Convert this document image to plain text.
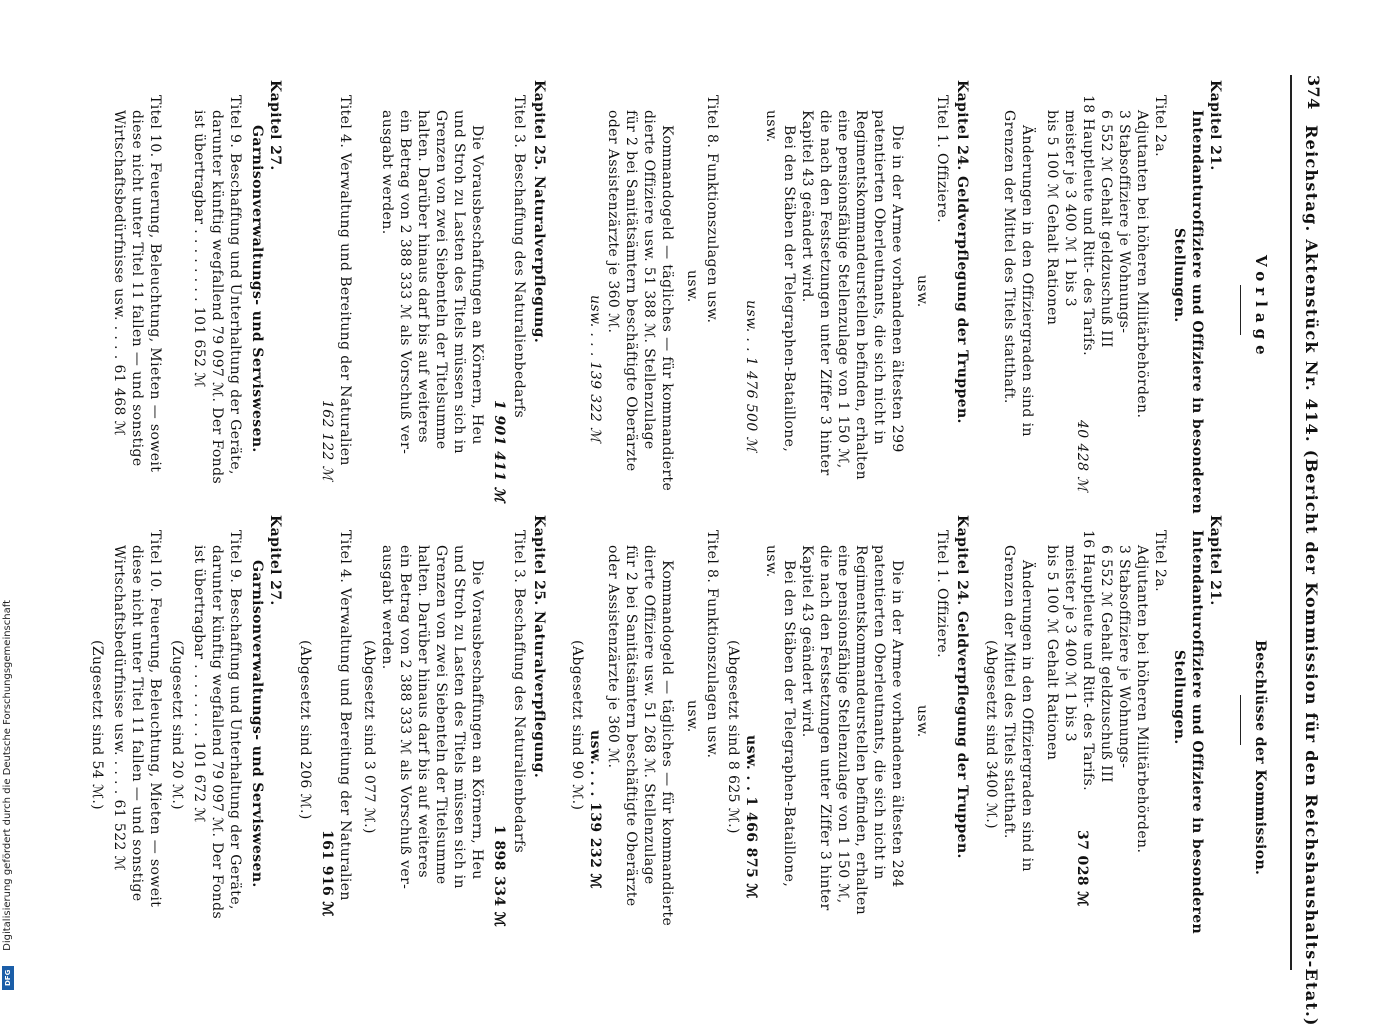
374
Reichstag. Aktenstück Nr. 414. (Bericht der Kommission für den Reichshaushalts-Etat.)
Vorlage
Beschlüsse der Kommission.
Kapitel 21.
Intendanturoffiziere und Offiziere in besonderen
Stellungen.
Titel 2a.
Adjutanten bei höheren Militärbehörden.
3 Stabsoffiziere je Wohnungs-
6 552 ℳ Gehalt geldzuschuß III
18 Hauptleute und Ritt- des Tarifs.
40 428 ℳ
meister je 3 400 ℳ 1 bis 3
bis 5 100 ℳ Gehalt Rationen
Änderungen in den Offiziergraden sind in
Grenzen der Mittel des Titels statthaft.
Kapitel 24. Geldverpflegung der Truppen.
Titel 1. Offiziere.
usw.
Die in der Armee vorhandenen ältesten 299
patentierten Oberleutnants, die sich nicht in
Regimentskommandeurstellen befinden, erhalten
eine pensionsfähige Stellenzulage von 1 150 ℳ,
die nach den Festsetzungen unter Ziffer 3 hinter
Kapitel 43 geändert wird.
Bei den Stäben der Telegraphen-Bataillone,
usw.
usw. . . 1 476 500 ℳ
Titel 8. Funktionszulagen usw.
usw.
Kommandogeld — tägliches — für kommandierte
dierte Offiziere usw. 51 388 ℳ. Stellenzulage
für 2 bei Sanitätsämtern beschäftigte Oberärzte
oder Assistenzärzte je 360 ℳ.
usw. . . . 139 322 ℳ
Kapitel 25. Naturalverpflegung.
Titel 3. Beschaffung des Naturalienbedarfs
1 901 411 ℳ
Die Vorausbeschaffungen an Körnern, Heu
und Stroh zu Lasten des Titels müssen sich in
Grenzen von zwei Siebenteln der Titelsumme
halten. Darüber hinaus darf bis auf weiteres
ein Betrag von 2 388 333 ℳ als Vorschuß ver-
ausgabt werden.
Titel 4. Verwaltung und Bereitung der Naturalien
162 122 ℳ
Kapitel 27.
Garnisonverwaltungs- und Serviswesen.
Titel 9. Beschaffung und Unterhaltung der Geräte,
darunter künftig wegfallend 79 097 ℳ. Der Fonds
ist übertragbar . . . . . . . . 101 652 ℳ
Titel 10. Feuerung, Beleuchtung, Mieten — soweit
diese nicht unter Titel 11 fallen — und sonstige
Wirtschaftsbedürfnisse usw. . . . . 61 468 ℳ
Kapitel 21.
Intendanturoffiziere und Offiziere in besonderen
Stellungen.
Titel 2a.
Adjutanten bei höheren Militärbehörden.
3 Stabsoffiziere je Wohnungs-
6 552 ℳ Gehalt geldzuschuß III
16 Hauptleute und Ritt- des Tarifs.
37 028 ℳ
meister je 3 400 ℳ 1 bis 3
bis 5 100 ℳ Gehalt Rationen
Änderungen in den Offiziergraden sind in
Grenzen der Mittel des Titels statthaft.
(Abgesetzt sind 3400 ℳ.)
Kapitel 24. Geldverpflegung der Truppen.
Titel 1. Offiziere.
usw.
Die in der Armee vorhandenen ältesten 284
patentierten Oberleutnants, die sich nicht in
Regimentskommandeurstellen befinden, erhalten
eine pensionsfähige Stellenzulage von 1 150 ℳ,
die nach den Festsetzungen unter Ziffer 3 hinter
Kapitel 43 geändert wird.
Bei den Stäben der Telegraphen-Bataillone,
usw.
usw. . . 1 466 875 ℳ
(Abgesetzt sind 8 625 ℳ.)
Titel 8. Funktionszulagen usw.
usw.
Kommandogeld — tägliches — für kommandierte
dierte Offiziere usw. 51 268 ℳ. Stellenzulage
für 2 bei Sanitätsämtern beschäftigte Oberärzte
oder Assistenzärzte je 360 ℳ.
usw. . . . 139 232 ℳ
(Abgesetzt sind 90 ℳ.)
Kapitel 25. Naturalverpflegung.
Titel 3. Beschaffung des Naturalienbedarfs
1 898 334 ℳ
Die Vorausbeschaffungen an Körnern, Heu
und Stroh zu Lasten des Titels müssen sich in
Grenzen von zwei Siebenteln der Titelsumme
halten. Darüber hinaus darf bis auf weiteres
ein Betrag von 2 388 333 ℳ als Vorschuß ver-
ausgabt werden.
(Abgesetzt sind 3 077 ℳ.)
Titel 4. Verwaltung und Bereitung der Naturalien
161 916 ℳ
(Abgesetzt sind 206 ℳ.)
Kapitel 27.
Garnisonverwaltungs- und Serviswesen.
Titel 9. Beschaffung und Unterhaltung der Geräte,
darunter künftig wegfallend 79 097 ℳ. Der Fonds
ist übertragbar . . . . . . . . 101 672 ℳ
(Zugesetzt sind 20 ℳ.)
Titel 10. Feuerung, Beleuchtung, Mieten — soweit
diese nicht unter Titel 11 fallen — und sonstige
Wirtschaftsbedürfnisse usw. . . . . 61 522 ℳ
(Zugesetzt sind 54 ℳ.)
Digitalisierung gefördert durch die Deutsche Forschungsgemeinschaft
DFG
